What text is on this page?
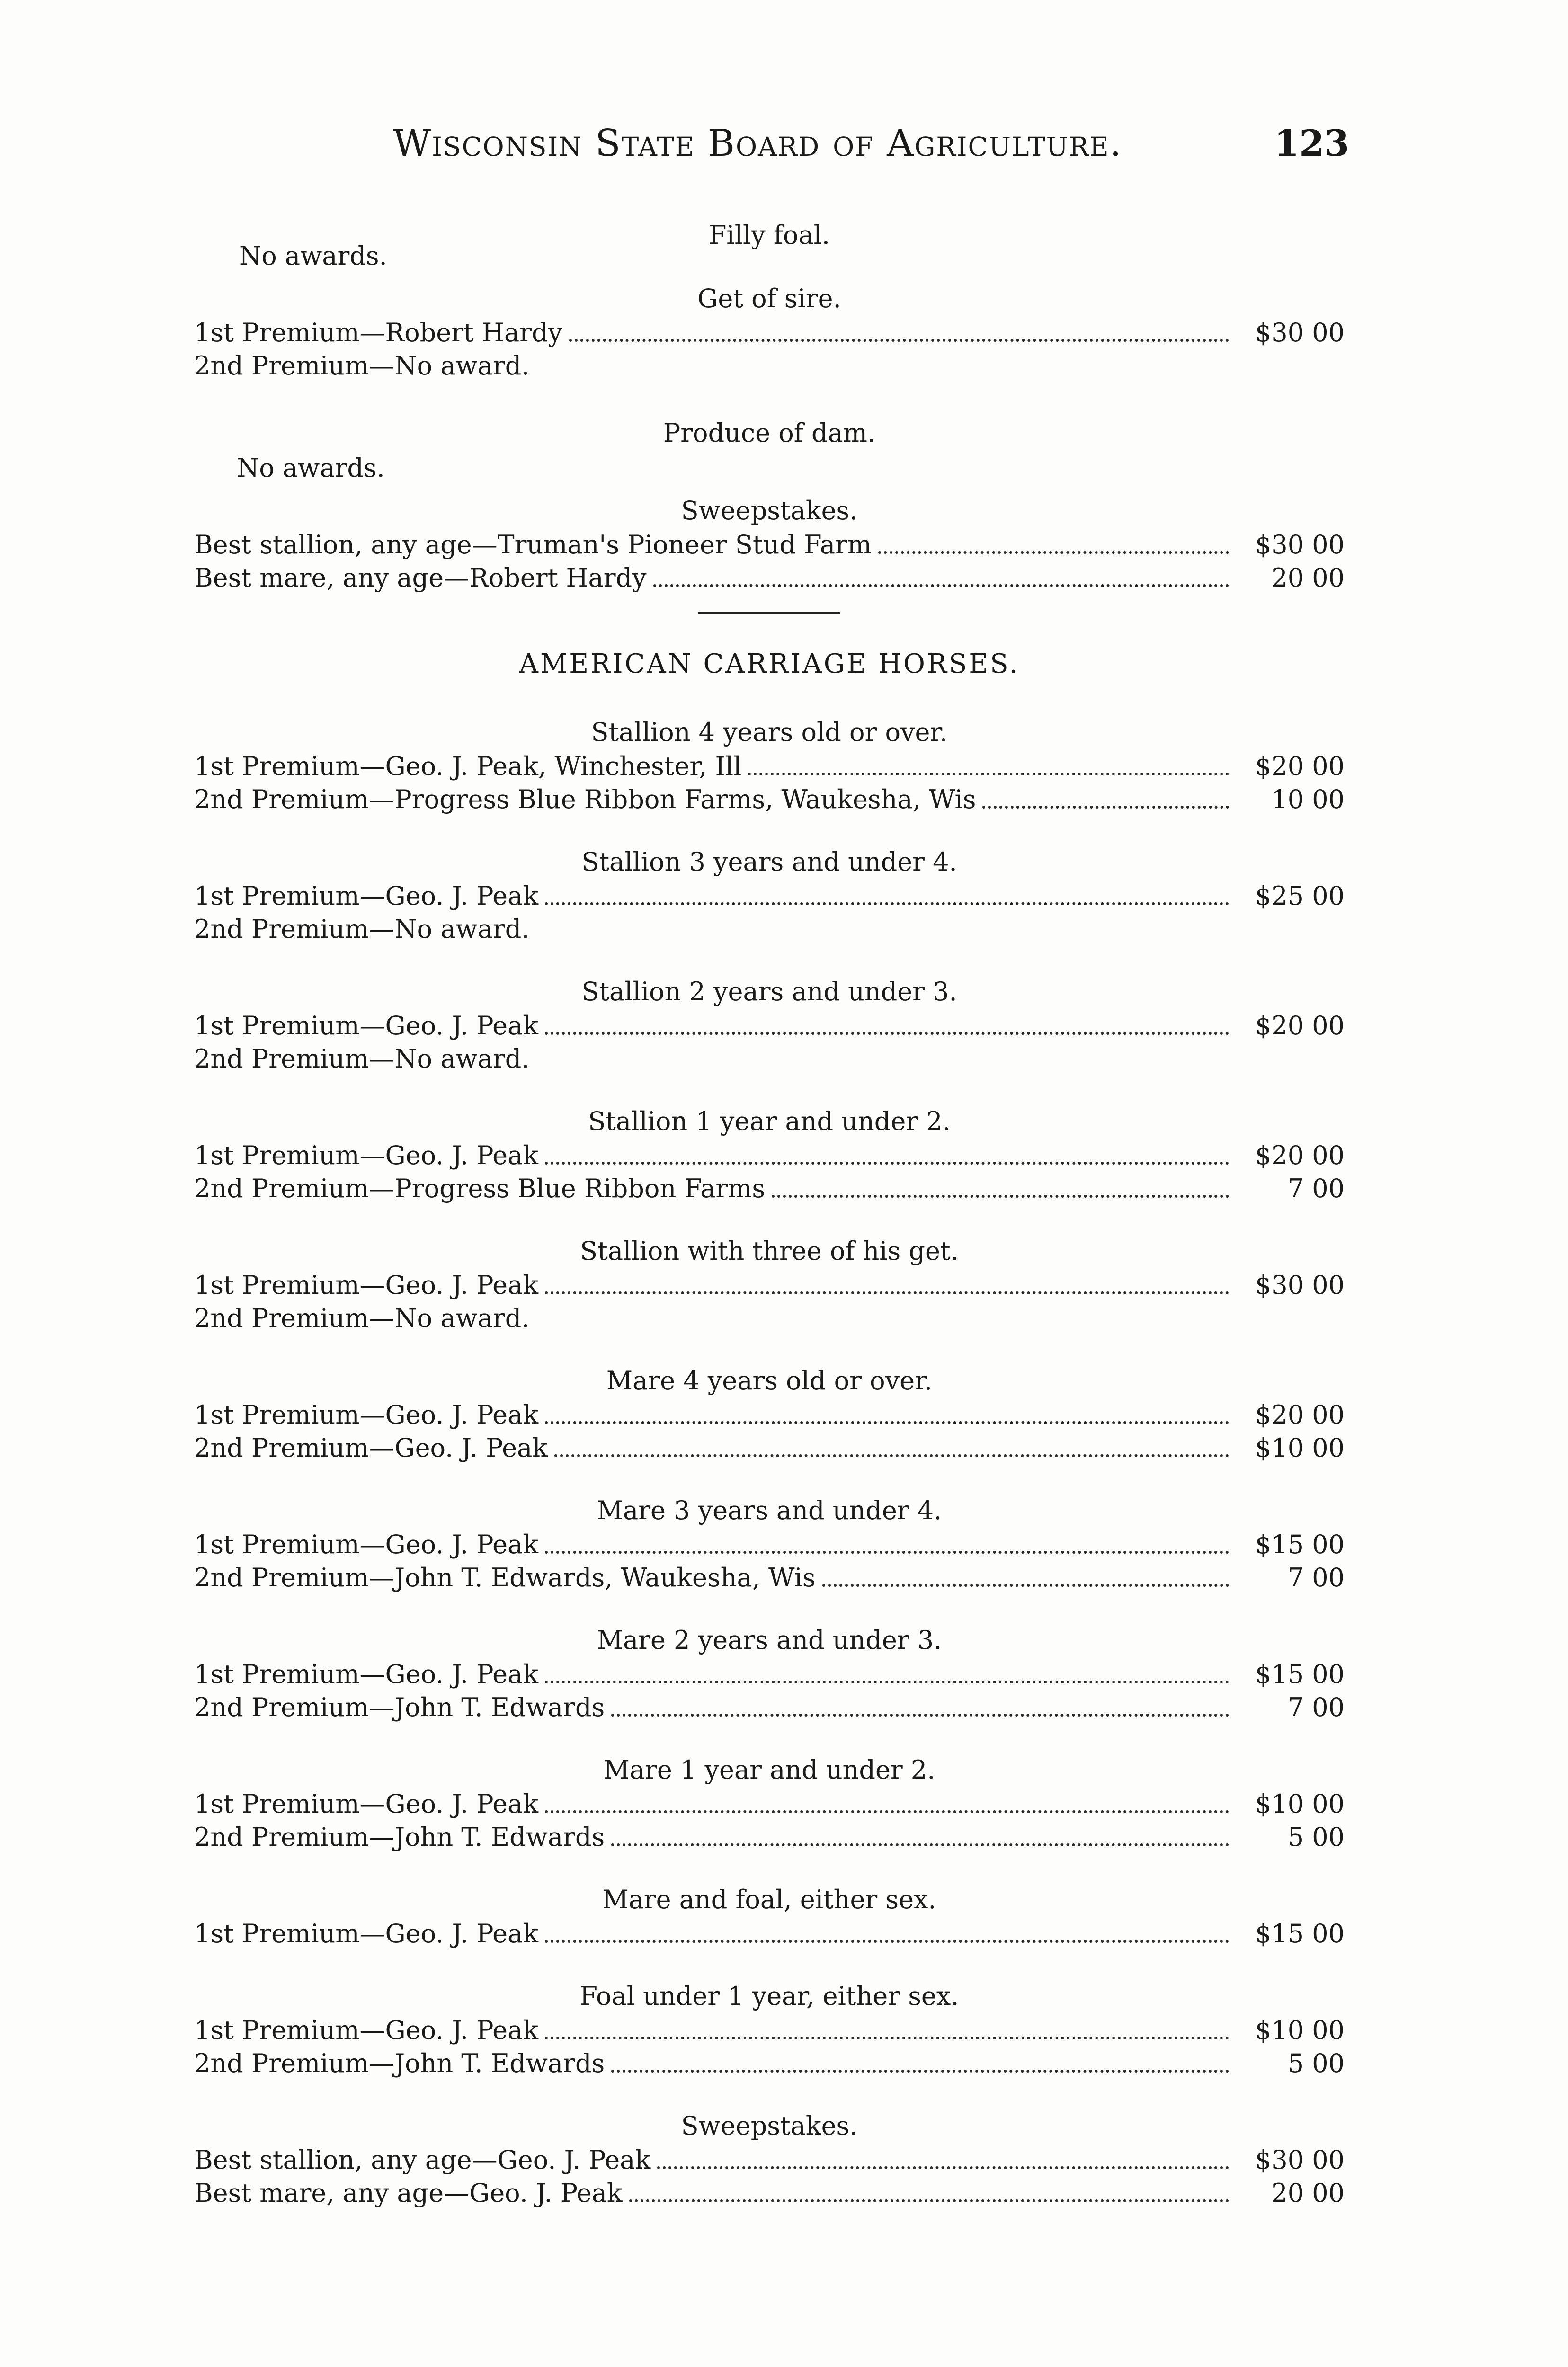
Wisconsin State Board of Agriculture.	123
Filly foal.
No awards.
Get of sire.
1st Premium—Robert Hardy	$30 00
2nd Premium—No award.
Produce of dam.
No awards.
Sweepstakes.
Best stallion, any age—Truman's Pioneer Stud Farm	$30 00
Best mare, any age—Robert Hardy	20 00
AMERICAN CARRIAGE HORSES.
Stallion 4 years old or over.
1st Premium—Geo. J. Peak, Winchester, Ill	$20 00
2nd Premium—Progress Blue Ribbon Farms, Waukesha, Wis	10 00
Stallion 3 years and under 4.
1st Premium—Geo. J. Peak	$25 00
2nd Premium—No award.
Stallion 2 years and under 3.
1st Premium—Geo. J. Peak	$20 00
2nd Premium—No award.
Stallion 1 year and under 2.
1st Premium—Geo. J. Peak	$20 00
2nd Premium—Progress Blue Ribbon Farms	7 00
Stallion with three of his get.
1st Premium—Geo. J. Peak	$30 00
2nd Premium—No award.
Mare 4 years old or over.
1st Premium—Geo. J. Peak	$20 00
2nd Premium—Geo. J. Peak	$10 00
Mare 3 years and under 4.
1st Premium—Geo. J. Peak	$15 00
2nd Premium—John T. Edwards, Waukesha, Wis	7 00
Mare 2 years and under 3.
1st Premium—Geo. J. Peak	$15 00
2nd Premium—John T. Edwards	7 00
Mare 1 year and under 2.
1st Premium—Geo. J. Peak	$10 00
2nd Premium—John T. Edwards	5 00
Mare and foal, either sex.
1st Premium—Geo. J. Peak	$15 00
Foal under 1 year, either sex.
1st Premium—Geo. J. Peak	$10 00
2nd Premium—John T. Edwards	5 00
Sweepstakes.
Best stallion, any age—Geo. J. Peak	$30 00
Best mare, any age—Geo. J. Peak	20 00
